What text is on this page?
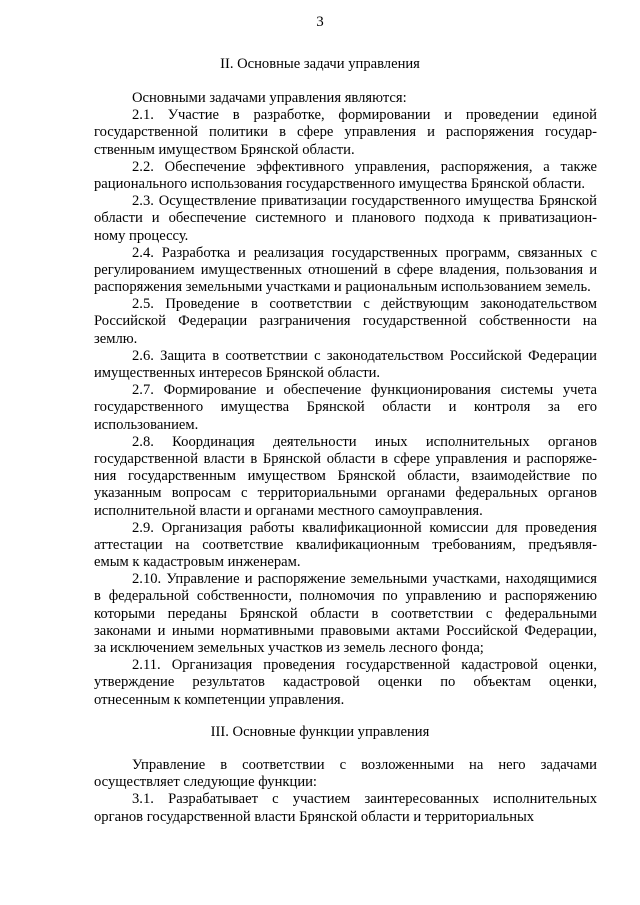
3
II. Основные задачи управления
Основными задачами управления являются:
2.1. Участие в разработке, формировании и проведении единой
государственной политики в сфере управления и распоряжения государ-
ственным имуществом Брянской области.
2.2. Обеспечение эффективного управления, распоряжения, а также
рационального использования государственного имущества Брянской области.
2.3. Осуществление приватизации государственного имущества Брянской
области и обеспечение системного и планового подхода к приватизацион-
ному процессу.
2.4. Разработка и реализация государственных программ, связанных с
регулированием имущественных отношений в сфере владения, пользования и
распоряжения земельными участками и рациональным использованием земель.
2.5. Проведение в соответствии с действующим законодательством
Российской Федерации разграничения государственной собственности на
землю.
2.6. Защита в соответствии с законодательством Российской Федерации
имущественных интересов Брянской области.
2.7. Формирование и обеспечение функционирования системы учета
государственного имущества Брянской области и контроля за его
использованием.
2.8. Координация деятельности иных исполнительных органов
государственной власти в Брянской области в сфере управления и распоряже-
ния государственным имуществом Брянской области, взаимодействие по
указанным вопросам с территориальными органами федеральных органов
исполнительной власти и органами местного самоуправления.
2.9. Организация работы квалификационной комиссии для проведения
аттестации на соответствие квалификационным требованиям, предъявля-
емым к кадастровым инженерам.
2.10. Управление и распоряжение земельными участками, находящимися
в федеральной собственности, полномочия по управлению и распоряжению
которыми переданы Брянской области в соответствии с федеральными
законами и иными нормативными правовыми актами Российской Федерации,
за исключением земельных участков из земель лесного фонда;
2.11. Организация проведения государственной кадастровой оценки,
утверждение результатов кадастровой оценки по объектам оценки,
отнесенным к компетенции управления.
III. Основные функции управления
Управление в соответствии с возложенными на него задачами
осуществляет следующие функции:
3.1. Разрабатывает с участием заинтересованных исполнительных
органов государственной власти Брянской области и территориальных
